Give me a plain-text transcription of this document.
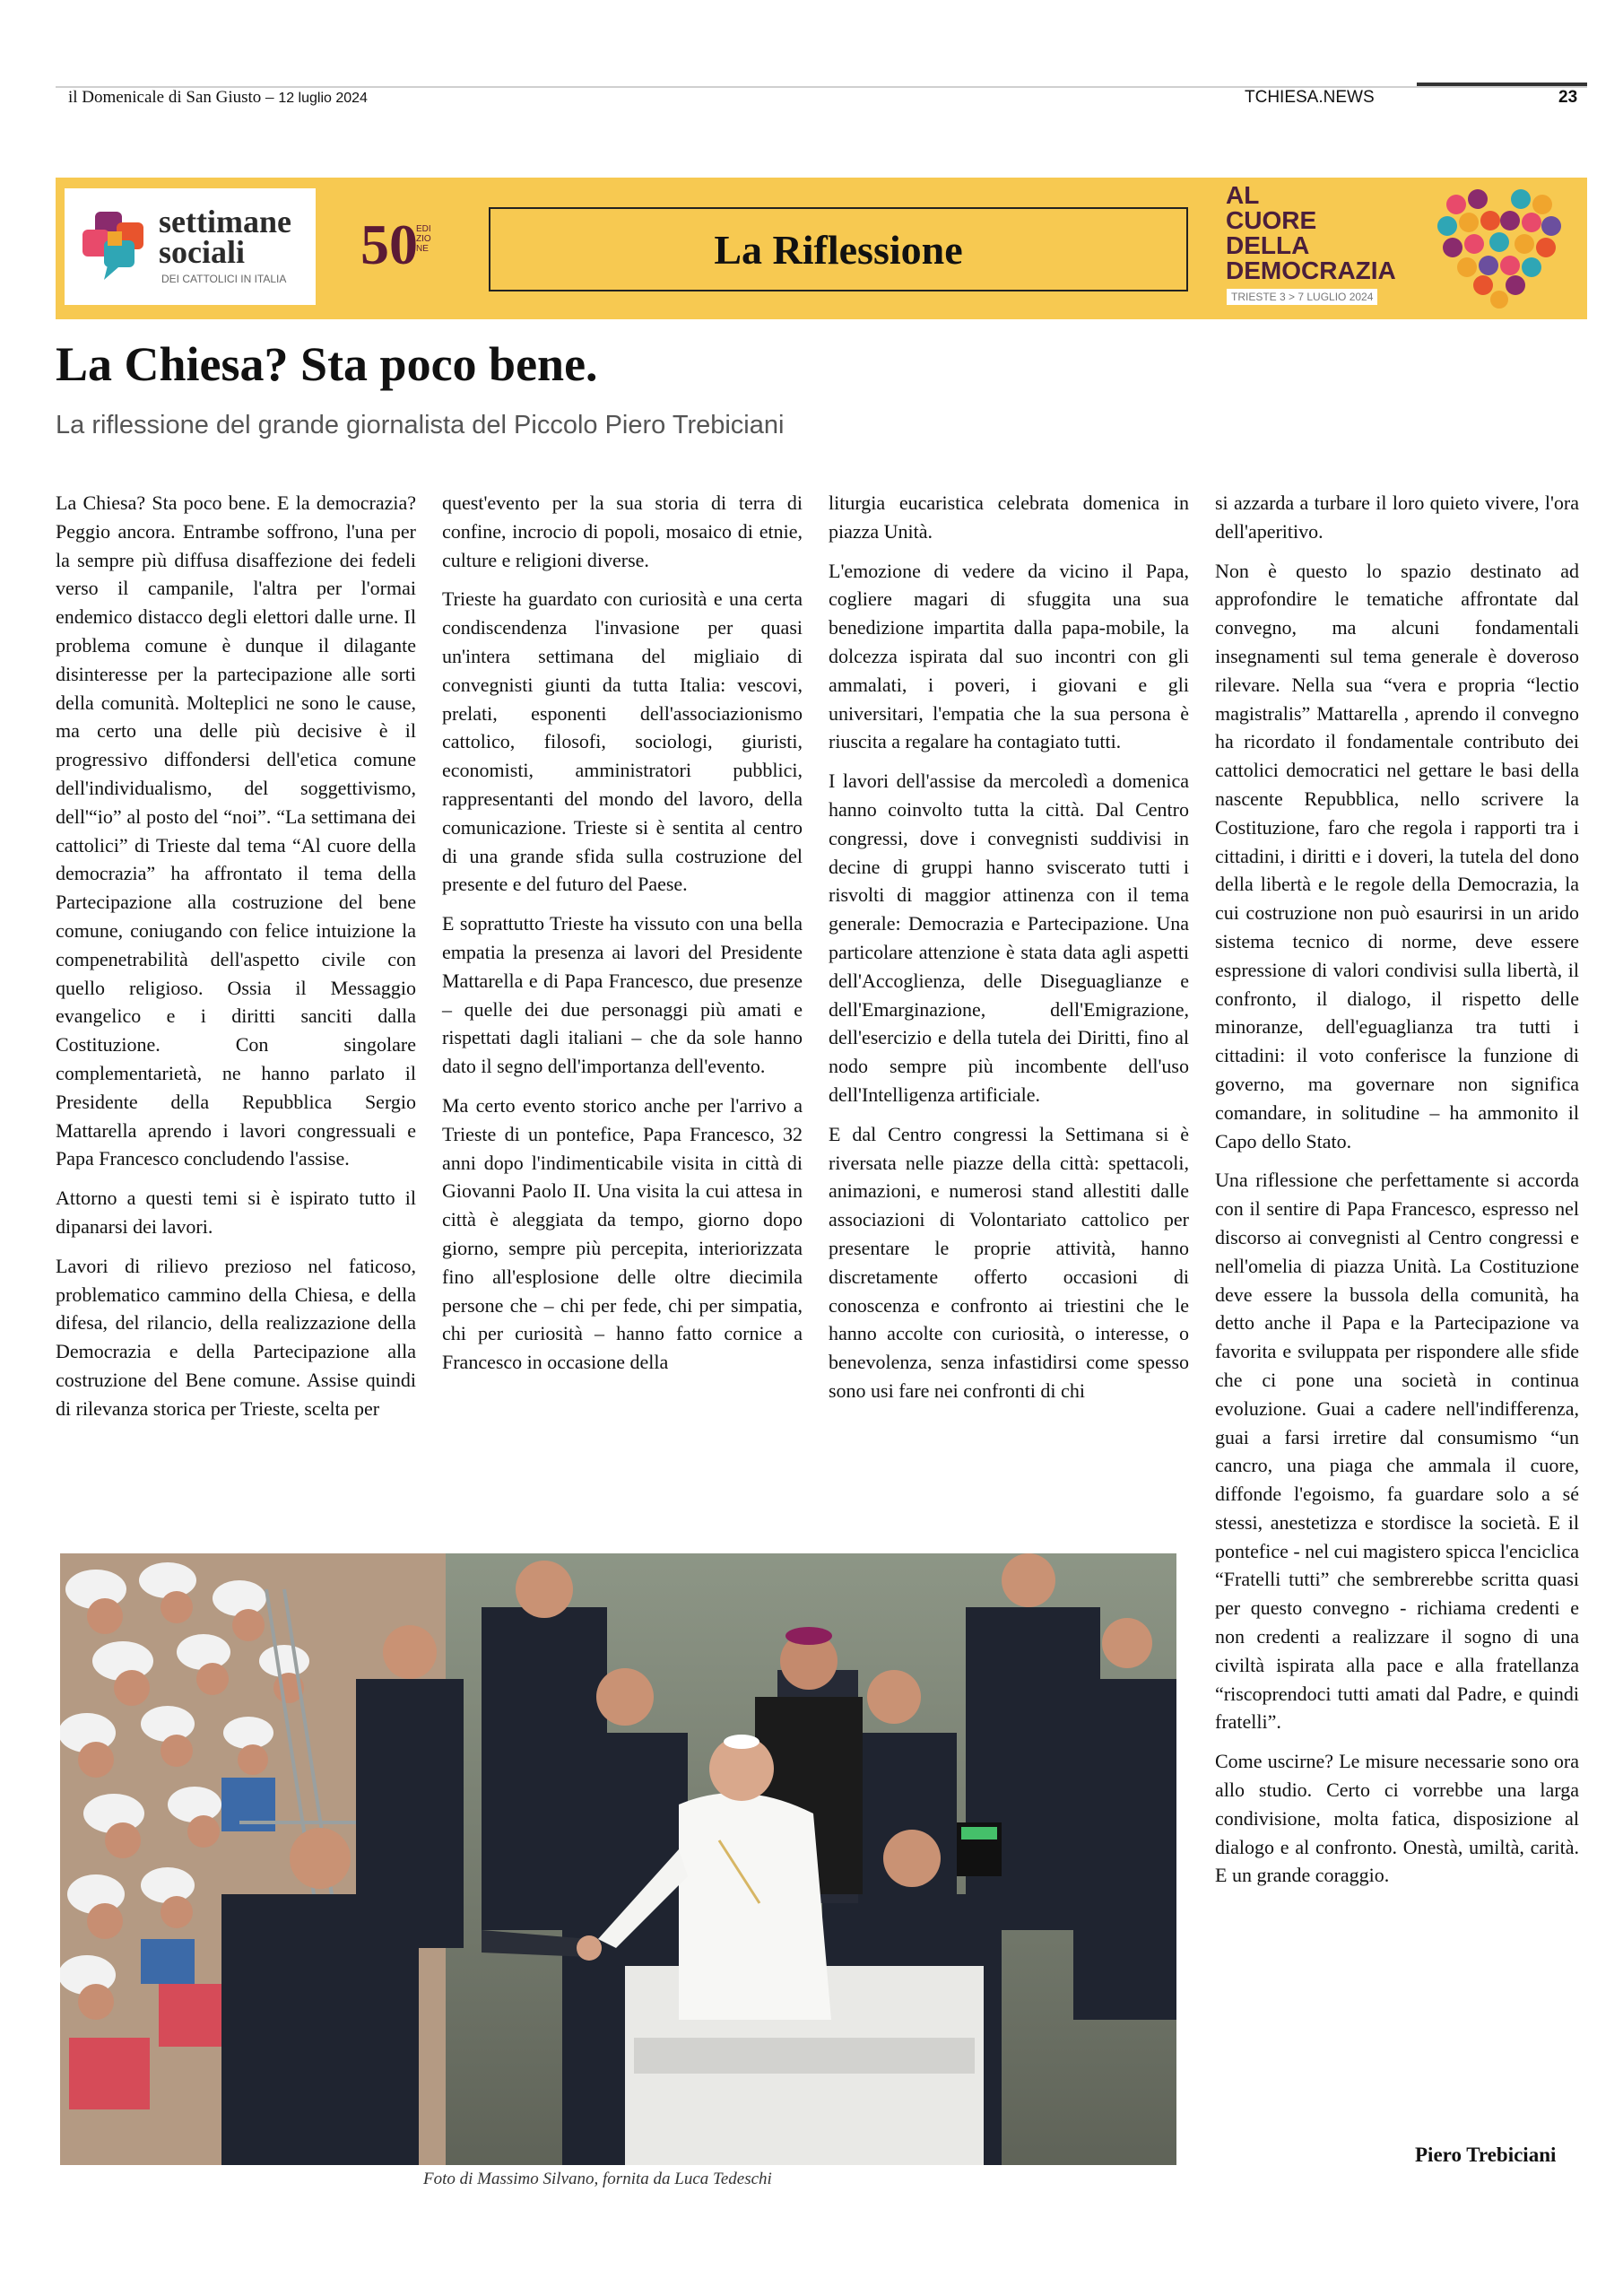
il Domenicale di San Giusto – 12 luglio 2024	TCHIESA.NEWS	23
settimane
sociali
DEI CATTOLICI IN ITALIA
50
EDI ZIO NE	La Riflessione
AL
CUORE
DELLA
DEMOCRAZIA
TRIESTE 3 > 7 LUGLIO 2024
La Chiesa? Sta poco bene.
La riflessione del grande giornalista del Piccolo Piero Trebiciani

La Chiesa? Sta poco bene. E la democrazia? Peggio ancora. Entrambe soffrono, l'una per la sempre più diffusa disaffezione dei fedeli verso il campanile, l'altra per l'ormai endemico distacco degli elettori dalle urne. Il problema comune è dunque il dilagante disinteresse per la partecipazione alle sorti della comunità. Molteplici ne sono le cause, ma certo una delle più decisive è il progressivo diffondersi dell'etica comune dell'individualismo, del soggettivismo, dell'“io” al posto del “noi”. “La settimana dei cattolici” di Trieste dal tema “Al cuore della democrazia” ha affrontato il tema della Partecipazione alla costruzione del bene comune, coniugando con felice intuizione la compenetrabilità dell'aspetto civile con quello religioso. Ossia il Messaggio evangelico e i diritti sanciti dalla Costituzione. Con singolare complementarietà, ne hanno parlato il Presidente della Repubblica Sergio Mattarella aprendo i lavori congressuali e Papa Francesco concludendo l'assise.

Attorno a questi temi si è ispirato tutto il dipanarsi dei lavori.

Lavori di rilievo prezioso nel faticoso, problematico cammino della Chiesa, e della difesa, del rilancio, della realizzazione della Democrazia e della Partecipazione alla costruzione del Bene comune. Assise quindi di rilevanza storica per Trieste, scelta per

quest'evento per la sua storia di terra di confine, incrocio di popoli, mosaico di etnie, culture e religioni diverse.

Trieste ha guardato con curiosità e una certa condiscendenza l'invasione per quasi un'intera settimana del migliaio di convegnisti giunti da tutta Italia: vescovi, prelati, esponenti dell'associazionismo cattolico, filosofi, sociologi, giuristi, economisti, amministratori pubblici, rappresentanti del mondo del lavoro, della comunicazione. Trieste si è sentita al centro di una grande sfida sulla costruzione del presente e del futuro del Paese.

E soprattutto Trieste ha vissuto con una bella empatia la presenza ai lavori del Presidente Mattarella e di Papa Francesco, due presenze – quelle dei due personaggi più amati e rispettati dagli italiani – che da sole hanno dato il segno dell'importanza dell'evento.

Ma certo evento storico anche per l'arrivo a Trieste di un pontefice, Papa Francesco, 32 anni dopo l'indimenticabile visita in città di Giovanni Paolo II. Una visita la cui attesa in città è aleggiata da tempo, giorno dopo giorno, sempre più percepita, interiorizzata fino all'esplosione delle oltre diecimila persone che – chi per fede, chi per simpatia, chi per curiosità – hanno fatto cornice a Francesco in occasione della

liturgia eucaristica celebrata domenica in piazza Unità.

L'emozione di vedere da vicino il Papa, cogliere magari di sfuggita una sua benedizione impartita dalla papa-mobile, la dolcezza ispirata dal suo incontri con gli ammalati, i poveri, i giovani e gli universitari, l'empatia che la sua persona è riuscita a regalare ha contagiato tutti.

I lavori dell'assise da mercoledì a domenica hanno coinvolto tutta la città. Dal Centro congressi, dove i convegnisti suddivisi in decine di gruppi hanno sviscerato tutti i risvolti di maggior attinenza con il tema generale: Democrazia e Partecipazione. Una particolare attenzione è stata data agli aspetti dell'Accoglienza, delle Diseguaglianze e dell'Emarginazione, dell'Emigrazione, dell'esercizio e della tutela dei Diritti, fino al nodo sempre più incombente dell'uso dell'Intelligenza artificiale.

E dal Centro congressi la Settimana si è riversata nelle piazze della città: spettacoli, animazioni, e numerosi stand allestiti dalle associazioni di Volontariato cattolico per presentare le proprie attività, hanno discretamente offerto occasioni di conoscenza e confronto ai triestini che le hanno accolte con curiosità, o interesse, o benevolenza, senza infastidirsi come spesso sono usi fare nei confronti di chi

si azzarda a turbare il loro quieto vivere, l'ora dell'aperitivo.

Non è questo lo spazio destinato ad approfondire le tematiche affrontate dal convegno, ma alcuni fondamentali insegnamenti sul tema generale è doveroso rilevare. Nella sua “vera e propria “lectio magistralis” Mattarella , aprendo il convegno ha ricordato il fondamentale contributo dei cattolici democratici nel gettare le basi della nascente Repubblica, nello scrivere la Costituzione, faro che regola i rapporti tra i cittadini, i diritti e i doveri, la tutela del dono della libertà e le regole della Democrazia, la cui costruzione non può esaurirsi in un arido sistema tecnico di norme, deve essere espressione di valori condivisi sulla libertà, il confronto, il dialogo, il rispetto delle minoranze, dell'eguaglianza tra tutti i cittadini: il voto conferisce la funzione di governo, ma governare non significa comandare, in solitudine – ha ammonito il Capo dello Stato.

Una riflessione che perfettamente si accorda con il sentire di Papa Francesco, espresso nel discorso ai convegnisti al Centro congressi e nell'omelia di piazza Unità. La Costituzione deve essere la bussola della comunità, ha detto anche il Papa e la Partecipazione va favorita e sviluppata per rispondere alle sfide che ci pone una società in continua evoluzione. Guai a cadere nell'indifferenza, guai a farsi irretire dal consumismo “un cancro, una piaga che ammala il cuore, diffonde l'egoismo, fa guardare solo a sé stessi, anestetizza e stordisce la società. E il pontefice - nel cui magistero spicca l'enciclica “Fratelli tutti” che sembrerebbe scritta quasi per questo convegno - richiama credenti e non credenti a realizzare il sogno di una civiltà ispirata alla pace e alla fratellanza “riscoprendoci tutti amati dal Padre, e quindi fratelli”.

Come uscirne? Le misure necessarie sono ora allo studio. Certo ci vorrebbe una larga condivisione, molta fatica, disposizione al dialogo e al confronto. Onestà, umiltà, carità. E un grande coraggio.

Foto di Massimo Silvano, fornita da Luca Tedeschi
Piero Trebiciani
